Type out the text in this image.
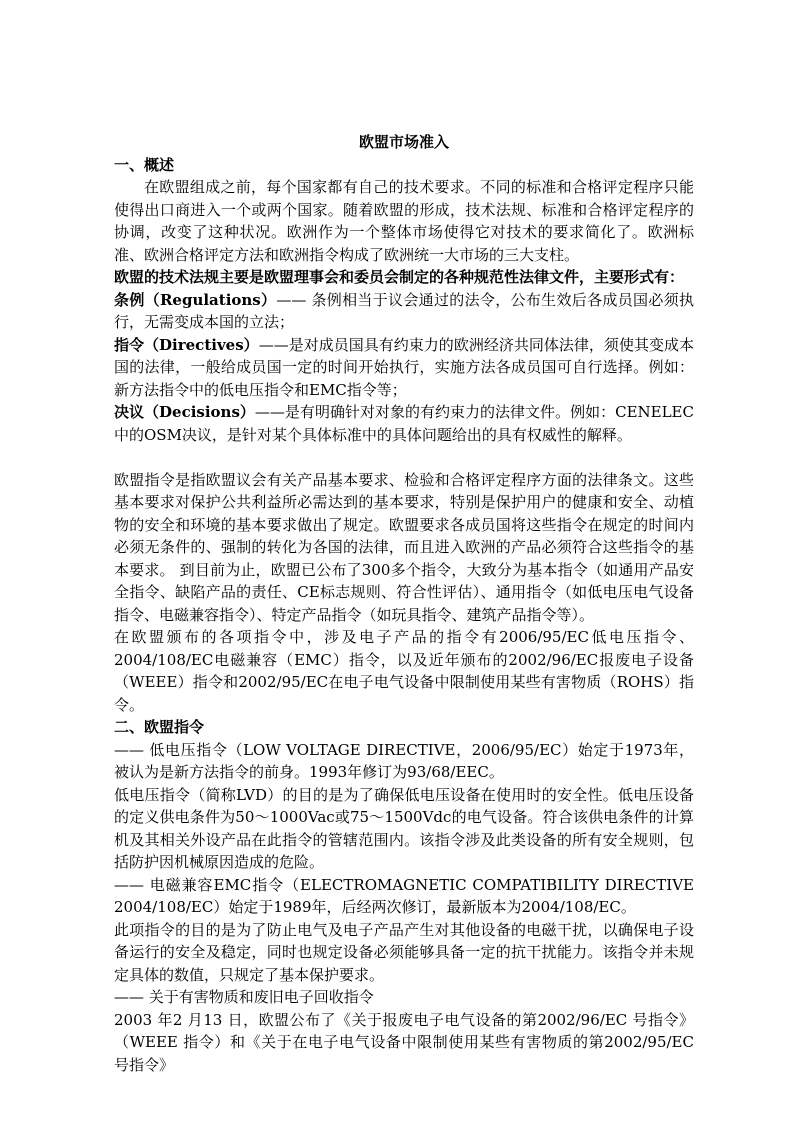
欧盟市场准入

一、概述

在欧盟组成之前，每个国家都有自己的技术要求。不同的标准和合格评定程序只能使得出口商进入一个或两个国家。随着欧盟的形成，技术法规、标准和合格评定程序的协调，改变了这种状况。欧洲作为一个整体市场使得它对技术的要求简化了。欧洲标准、欧洲合格评定方法和欧洲指令构成了欧洲统一大市场的三大支柱。

欧盟的技术法规主要是欧盟理事会和委员会制定的各种规范性法律文件，主要形式有：

条例（Regulations）—— 条例相当于议会通过的法令，公布生效后各成员国必须执行，无需变成本国的立法；

指令（Directives）——是对成员国具有约束力的欧洲经济共同体法律，须使其变成本国的法律，一般给成员国一定的时间开始执行，实施方法各成员国可自行选择。例如：新方法指令中的低电压指令和EMC指令等；

决议（Decisions）——是有明确针对对象的有约束力的法律文件。例如：CENELEC中的OSM决议，是针对某个具体标准中的具体问题给出的具有权威性的解释。

欧盟指令是指欧盟议会有关产品基本要求、检验和合格评定程序方面的法律条文。这些基本要求对保护公共利益所必需达到的基本要求，特别是保护用户的健康和安全、动植物的安全和环境的基本要求做出了规定。欧盟要求各成员国将这些指令在规定的时间内必须无条件的、强制的转化为各国的法律，而且进入欧洲的产品必须符合这些指令的基本要求。 到目前为止，欧盟已公布了300多个指令，大致分为基本指令（如通用产品安全指令、缺陷产品的责任、CE标志规则、符合性评估）、通用指令（如低电压电气设备指令、电磁兼容指令）、特定产品指令（如玩具指令、建筑产品指令等）。

在欧盟颁布的各项指令中，涉及电子产品的指令有2006/95/EC低电压指令、2004/108/EC电磁兼容（EMC）指令，以及近年颁布的2002/96/EC报废电子设备（WEEE）指令和2002/95/EC在电子电气设备中限制使用某些有害物质（ROHS）指令。

二、欧盟指令

—— 低电压指令（LOW VOLTAGE DIRECTIVE，2006/95/EC）始定于1973年，被认为是新方法指令的前身。1993年修订为93/68/EEC。

低电压指令（简称LVD）的目的是为了确保低电压设备在使用时的安全性。低电压设备的定义供电条件为50～1000Vac或75～1500Vdc的电气设备。符合该供电条件的计算机及其相关外设产品在此指令的管辖范围内。该指令涉及此类设备的所有安全规则，包括防护因机械原因造成的危险。

—— 电磁兼容EMC指令（ELECTROMAGNETIC COMPATIBILITY DIRECTIVE 2004/108/EC）始定于1989年，后经两次修订，最新版本为2004/108/EC。

此项指令的目的是为了防止电气及电子产品产生对其他设备的电磁干扰，以确保电子设备运行的安全及稳定，同时也规定设备必须能够具备一定的抗干扰能力。该指令并未规定具体的数值，只规定了基本保护要求。

—— 关于有害物质和废旧电子回收指令

2003 年2 月13 日，欧盟公布了《关于报废电子电气设备的第2002/96/EC 号指令》（WEEE 指令）和《关于在电子电气设备中限制使用某些有害物质的第2002/95/EC 号指令》
